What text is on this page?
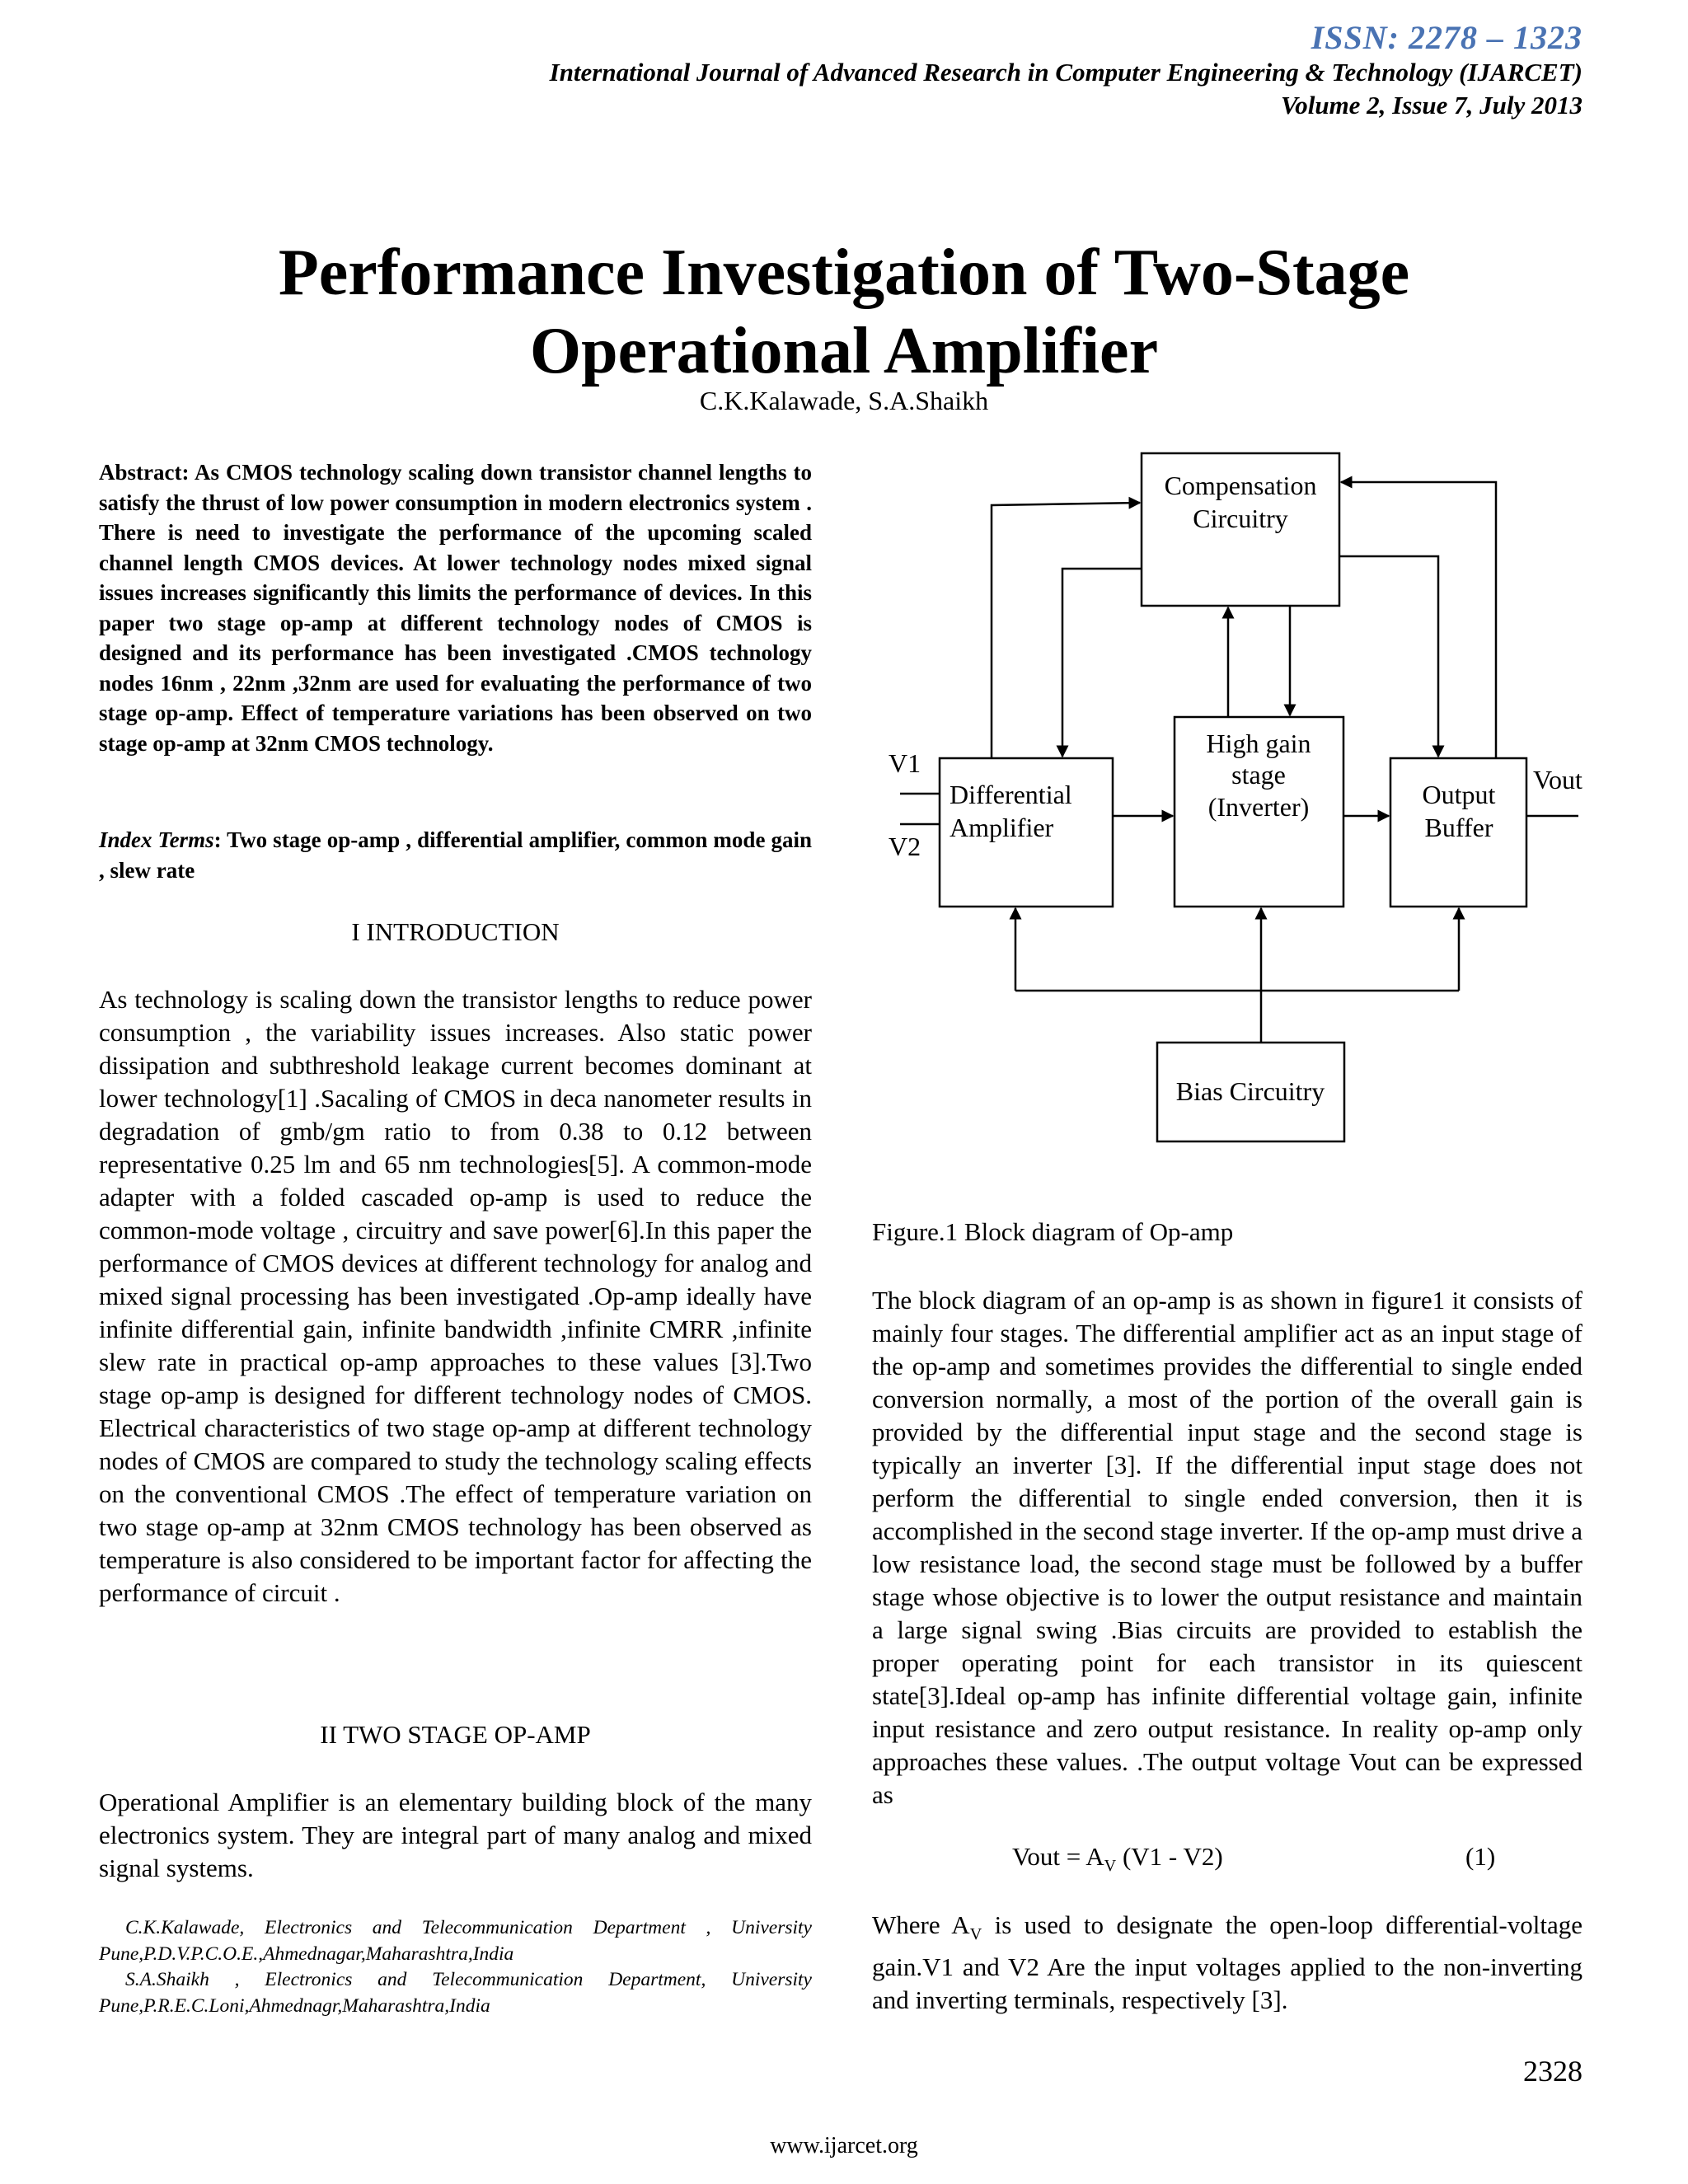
ISSN: 2278 – 1323
International Journal of Advanced Research in Computer Engineering & Technology (IJARCET)
Volume 2, Issue 7, July 2013
Performance Investigation of Two-Stage
Operational Amplifier
C.K.Kalawade, S.A.Shaikh
Abstract: As CMOS technology scaling down transistor channel lengths to satisfy the thrust of low power consumption in modern electronics system . There is need to investigate the performance of the upcoming scaled channel length CMOS devices. At lower technology nodes mixed signal issues increases significantly this limits the performance of devices. In this paper two stage op-amp at different technology nodes of CMOS is designed and its performance has been investigated .CMOS technology nodes 16nm , 22nm ,32nm are used for evaluating the performance of two stage op-amp. Effect of temperature variations has been observed on two stage op-amp at 32nm CMOS technology.
Index Terms: Two stage op-amp , differential amplifier, common mode gain , slew rate
I INTRODUCTION
As technology is scaling down the transistor lengths to reduce power consumption , the variability issues increases. Also static power dissipation and subthreshold leakage current becomes dominant at lower technology[1] .Sacaling of CMOS in deca nanometer results in degradation of gmb/gm ratio to from 0.38 to 0.12 between representative 0.25 lm and 65 nm technologies[5]. A common-mode adapter with a folded cascaded op-amp is used to reduce the common-mode voltage , circuitry and save power[6].In this paper the performance of CMOS devices at different technology for analog and mixed signal processing has been investigated .Op-amp ideally have infinite differential gain, infinite bandwidth ,infinite CMRR ,infinite slew rate in practical op-amp approaches to these values [3].Two stage op-amp is designed for different technology nodes of CMOS. Electrical characteristics of two stage op-amp at different technology nodes of CMOS are compared to study the technology scaling effects on the conventional CMOS .The effect of temperature variation on two stage op-amp at 32nm CMOS technology has been observed as temperature is also considered to be important factor for affecting the performance of circuit .
II TWO STAGE OP-AMP
Operational Amplifier is an elementary building block of the many electronics system. They are integral part of many analog and mixed signal systems.

C.K.Kalawade, Electronics and Telecommunication Department , University Pune,P.D.V.P.C.O.E.,Ahmednagar,Maharashtra,India

S.A.Shaikh , Electronics and Telecommunication Department, University Pune,P.R.E.C.Loni,Ahmednagr,Maharashtra,India

Compensation
Circuitry
Differential
Amplifier
High gain
stage
(Inverter)	Output
Buffer
Bias Circuitry
V1
V2
Vout
Figure.1 Block diagram of Op-amp
The block diagram of an op-amp is as shown in figure1 it consists of mainly four stages. The differential amplifier act as an input stage of the op-amp and sometimes provides the differential to single ended conversion normally, a most of the portion of the overall gain is provided by the differential input stage and the second stage is typically an inverter [3]. If the differential input stage does not perform the differential to single ended conversion, then it is accomplished in the second stage inverter. If the op-amp must drive a low resistance load, the second stage must be followed by a buffer stage whose objective is to lower the output resistance and maintain a large signal swing .Bias circuits are provided to establish the proper operating point for each transistor in its quiescent state[3].Ideal op-amp has infinite differential voltage gain, infinite input resistance and zero output resistance. In reality op-amp only approaches these values. .The output voltage Vout can be expressed as
Vout = $A_V$ (V1 - V2)	(1)
Where $A_V$ is used to designate the open-loop differential-voltage gain.V1 and V2 Are the input voltages applied to the non-inverting and inverting terminals, respectively [3].
2328
www.ijarcet.org
